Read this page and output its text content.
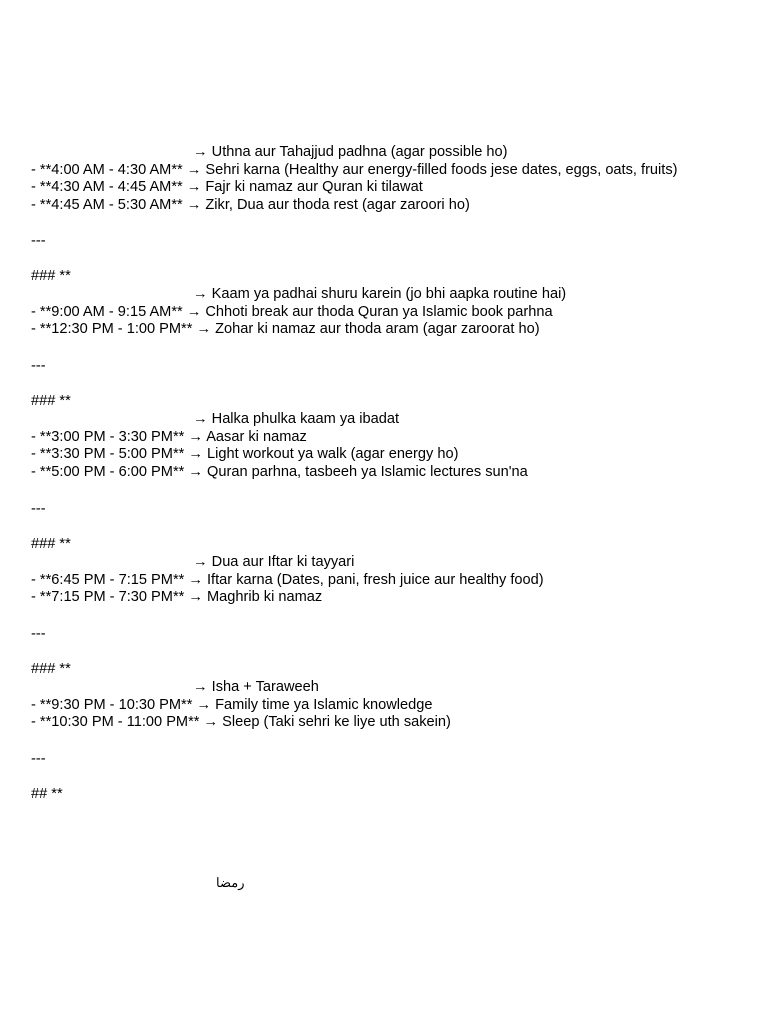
→ Uthna aur Tahajjud padhna (agar possible ho)

- **4:00 AM - 4:30 AM** → Sehri karna (Healthy aur energy-filled foods jese dates, eggs, oats, fruits)

- **4:30 AM - 4:45 AM** → Fajr ki namaz aur Quran ki tilawat

- **4:45 AM - 5:30 AM** → Zikr, Dua aur thoda rest (agar zaroori ho)

---

### **

→ Kaam ya padhai shuru karein (jo bhi aapka routine hai)

- **9:00 AM - 9:15 AM** → Chhoti break aur thoda Quran ya Islamic book parhna

- **12:30 PM - 1:00 PM** → Zohar ki namaz aur thoda aram (agar zaroorat ho)

---

### **

→ Halka phulka kaam ya ibadat

- **3:00 PM - 3:30 PM** → Aasar ki namaz

- **3:30 PM - 5:00 PM** → Light workout ya walk (agar energy ho)

- **5:00 PM - 6:00 PM** → Quran parhna, tasbeeh ya Islamic lectures sun'na

---

### **

→ Dua aur Iftar ki tayyari

- **6:45 PM - 7:15 PM** → Iftar karna (Dates, pani, fresh juice aur healthy food)

- **7:15 PM - 7:30 PM** → Maghrib ki namaz

---

### **

→ Isha + Taraweeh

- **9:30 PM - 10:30 PM** → Family time ya Islamic knowledge

- **10:30 PM - 11:00 PM** → Sleep (Taki sehri ke liye uth sakein)

---

## **

رمضا
